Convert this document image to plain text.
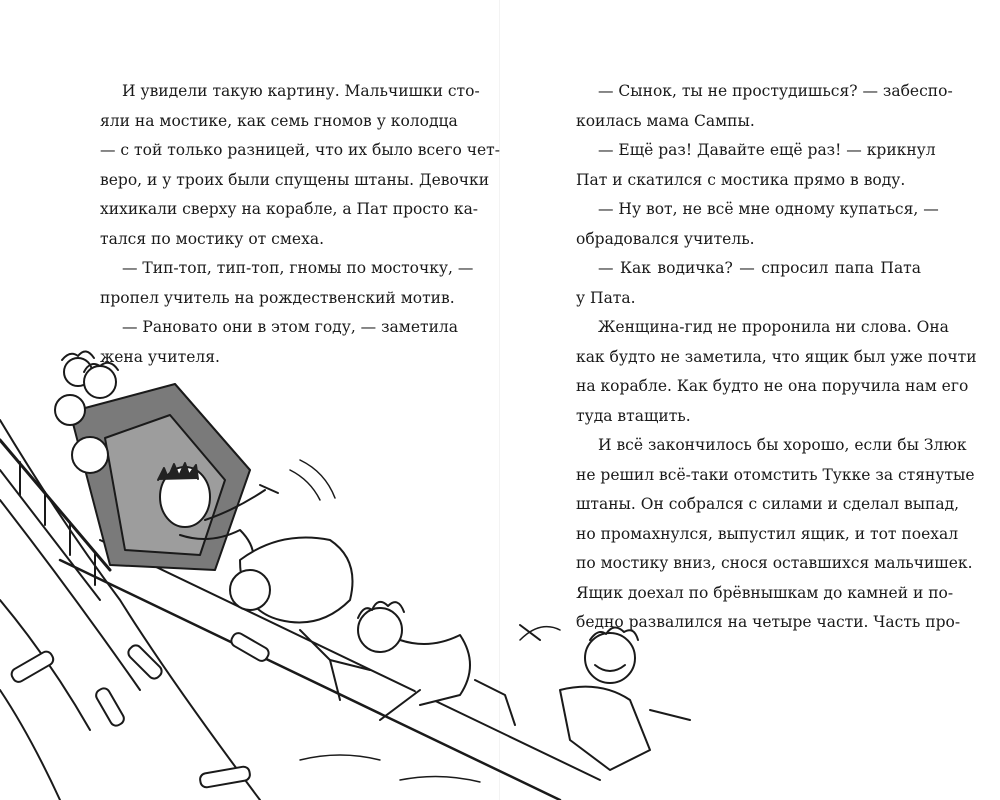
И увидели такую картину. Мальчишки сто-
яли на мостике, как семь гномов у колодца
— с той только разницей, что их было всего чет-
веро, и у троих были спущены штаны. Девочки
хихикали сверху на корабле, а Пат просто ка-
тался по мостику от смеха.
— Тип-топ, тип-топ, гномы по мосточку, —
пропел учитель на рождественский мотив.
— Рановато они в этом году, — заметила
жена учителя.
— Сынок, ты не простудишься? — забеспо-
коилась мама Сампы.
— Ещё раз! Давайте ещё раз! — крикнул
Пат и скатился с мостика прямо в воду.
— Ну вот, не всё мне одному купаться, —
обрадовался учитель.
— Как водичка? — спросил папа Пата
у Пата.
Женщина-гид не проронила ни слова. Она
как будто не заметила, что ящик был уже почти
на корабле. Как будто не она поручила нам его
туда втащить.
И всё закончилось бы хорошо, если бы Злюк
не решил всё-таки отомстить Тукке за стянутые
штаны. Он собрался с силами и сделал выпад,
но промахнулся, выпустил ящик, и тот поехал
по мостику вниз, снося оставшихся мальчишек.
Ящик доехал по брёвнышкам до камней и по-
бедно развалился на четыре части. Часть про-
